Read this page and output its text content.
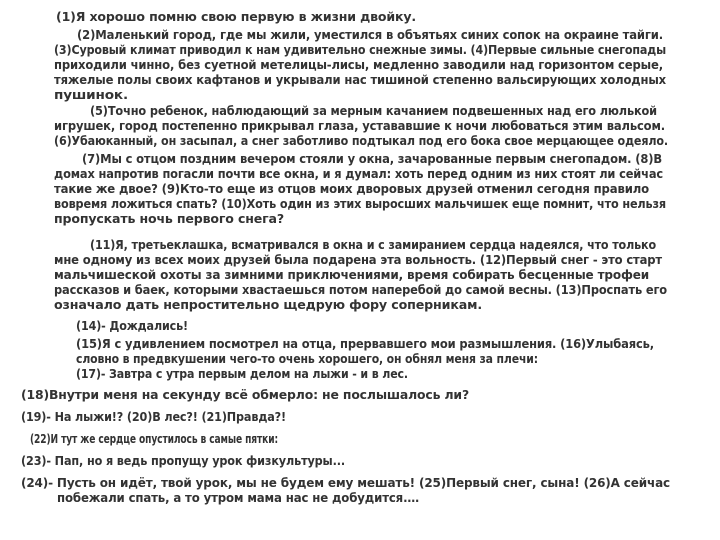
(1)Я хорошо помню свою первую в жизни двойку.
(2)Маленький город, где мы жили, уместился в объятьях синих сопок на окраине тайги.
(3)Суровый климат приводил к нам удивительно снежные зимы. (4)Первые сильные снегопады
приходили чинно, без суетной метелицы-лисы, медленно заводили над горизонтом серые,
тяжелые полы своих кафтанов и укрывали нас тишиной степенно вальсирующих холодных
пушинок.
(5)Точно ребенок, наблюдающий за мерным качанием подвешенных над его люлькой
игрушек, город постепенно прикрывал глаза, устававшие к ночи любоваться этим вальсом.
(6)Убаюканный, он засыпал, а снег заботливо подтыкал под его бока свое мерцающее одеяло.
(7)Мы с отцом поздним вечером стояли у окна, зачарованные первым снегопадом. (8)В
домах напротив погасли почти все окна, и я думал: хоть перед одним из них стоят ли сейчас
такие же двое? (9)Кто-то еще из отцов моих дворовых друзей отменил сегодня правило
вовремя ложиться спать? (10)Хоть один из этих выросших мальчишек еще помнит, что нельзя
пропускать ночь первого снега?
(11)Я, третьеклашка, всматривался в окна и с замиранием сердца надеялся, что только
мне одному из всех моих друзей была подарена эта вольность. (12)Первый снег - это старт
мальчишеской охоты за зимними приключениями, время собирать бесценные трофеи
рассказов и баек, которыми хвастаешься потом наперебой до самой весны. (13)Проспать его
означало дать непростительно щедрую фору соперникам.
(14)- Дождались!
(15)Я с удивлением посмотрел на отца, прервавшего мои размышления. (16)Улыбаясь,
словно в предвкушении чего-то очень хорошего, он обнял меня за плечи:
(17)- Завтра с утра первым делом на лыжи - и в лес.
(18)Внутри меня на секунду всё обмерло: не послышалось ли?
(19)- На лыжи!? (20)В лес?! (21)Правда?!
(22)И тут же сердце опустилось в самые пятки:
(23)- Пап, но я ведь пропущу урок физкультуры...
(24)- Пусть он идёт, твой урок, мы не будем ему мешать! (25)Первый снег, сына! (26)А сейчас
побежали спать, а то утром мама нас не добудится.…
